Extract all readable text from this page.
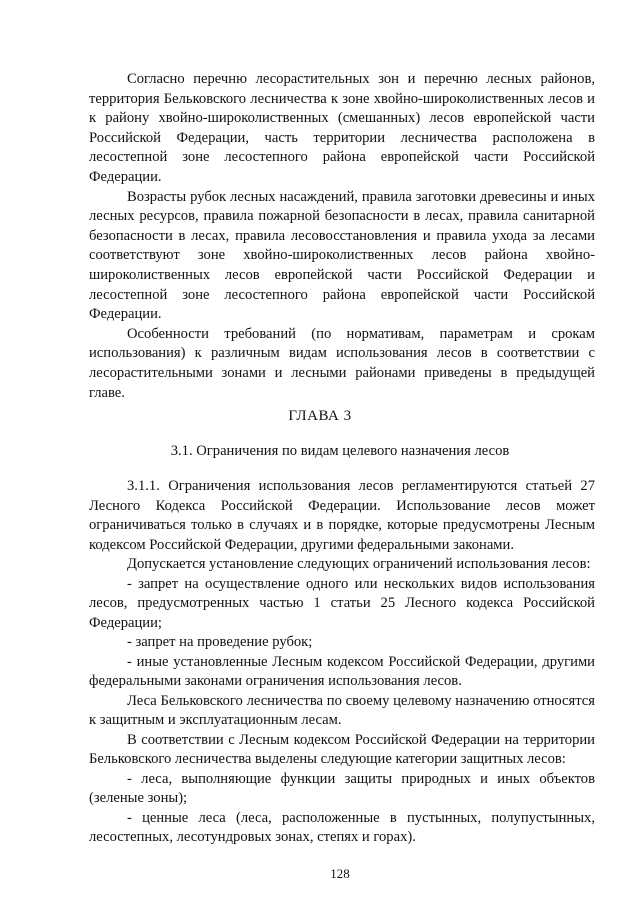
Согласно перечню лесорастительных зон и перечню лесных районов, территория Бельковского лесничества к зоне хвойно-широколиственных лесов и к району хвойно-широколиственных (смешанных) лесов европейской части Российской Федерации, часть территории лесничества расположена в лесостепной зоне лесостепного района европейской части Российской Федерации.

Возрасты рубок лесных насаждений, правила заготовки древесины и иных лесных ресурсов, правила пожарной безопасности в лесах, правила санитарной безопасности в лесах, правила лесовосстановления и правила ухода за лесами соответствуют зоне хвойно-широколиственных лесов района хвойно-широколиственных лесов европейской части Российской Федерации и лесостепной зоне лесостепного района европейской части Российской Федерации.

Особенности требований (по нормативам, параметрам и срокам использования) к различным видам использования лесов в соответствии с лесорастительными зонами и лесными районами приведены в предыдущей главе.

ГЛАВА 3
3.1. Ограничения по видам целевого назначения лесов

3.1.1. Ограничения использования лесов регламентируются статьей 27 Лесного Кодекса Российской Федерации. Использование лесов может ограничиваться только в случаях и в порядке, которые предусмотрены Лесным кодексом Российской Федерации, другими федеральными законами.

Допускается установление следующих ограничений использования лесов:

- запрет на осуществление одного или нескольких видов использования лесов, предусмотренных частью 1 статьи 25 Лесного кодекса Российской Федерации;

- запрет на проведение рубок;

- иные установленные Лесным кодексом Российской Федерации, другими федеральными законами ограничения использования лесов.

Леса Бельковского лесничества по своему целевому назначению относятся к защитным и эксплуатационным лесам.

В соответствии с Лесным кодексом Российской Федерации на территории Бельковского лесничества выделены следующие категории защитных лесов:

- леса, выполняющие функции защиты природных и иных объектов (зеленые зоны);

- ценные леса (леса, расположенные в пустынных, полупустынных, лесостепных, лесотундровых зонах, степях и горах).

128
